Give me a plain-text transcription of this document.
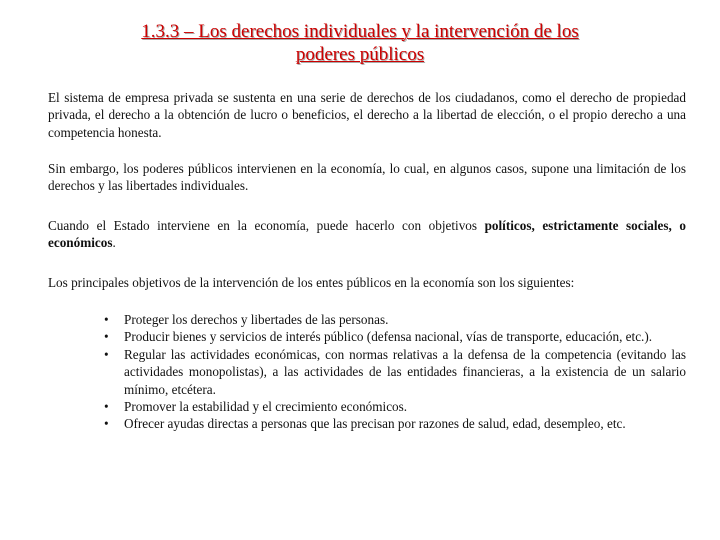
1.3.3 – Los derechos individuales y la intervención de los
poderes públicos

El sistema de empresa privada se sustenta en una serie de derechos de los ciudadanos, como el derecho de propiedad privada, el derecho a la obtención de lucro o beneficios, el derecho a la libertad de elección, o el propio derecho a una competencia honesta.

Sin embargo, los poderes públicos intervienen en la economía, lo cual, en algunos casos, supone una limitación de los derechos y las libertades individuales.

Cuando el Estado interviene en la economía, puede hacerlo con objetivos políticos, estrictamente sociales, o económicos.

Los principales objetivos de la intervención de los entes públicos en la economía son los siguientes:

• Proteger los derechos y libertades de las personas.
• Producir bienes y servicios de interés público (defensa nacional, vías de transporte, educación, etc.).
• Regular las actividades económicas, con normas relativas a la defensa de la competencia (evitando las actividades monopolistas), a las actividades de las entidades financieras, a la existencia de un salario mínimo, etcétera.
• Promover la estabilidad y el crecimiento económicos.
• Ofrecer ayudas directas a personas que las precisan por razones de salud, edad, desempleo, etc.
